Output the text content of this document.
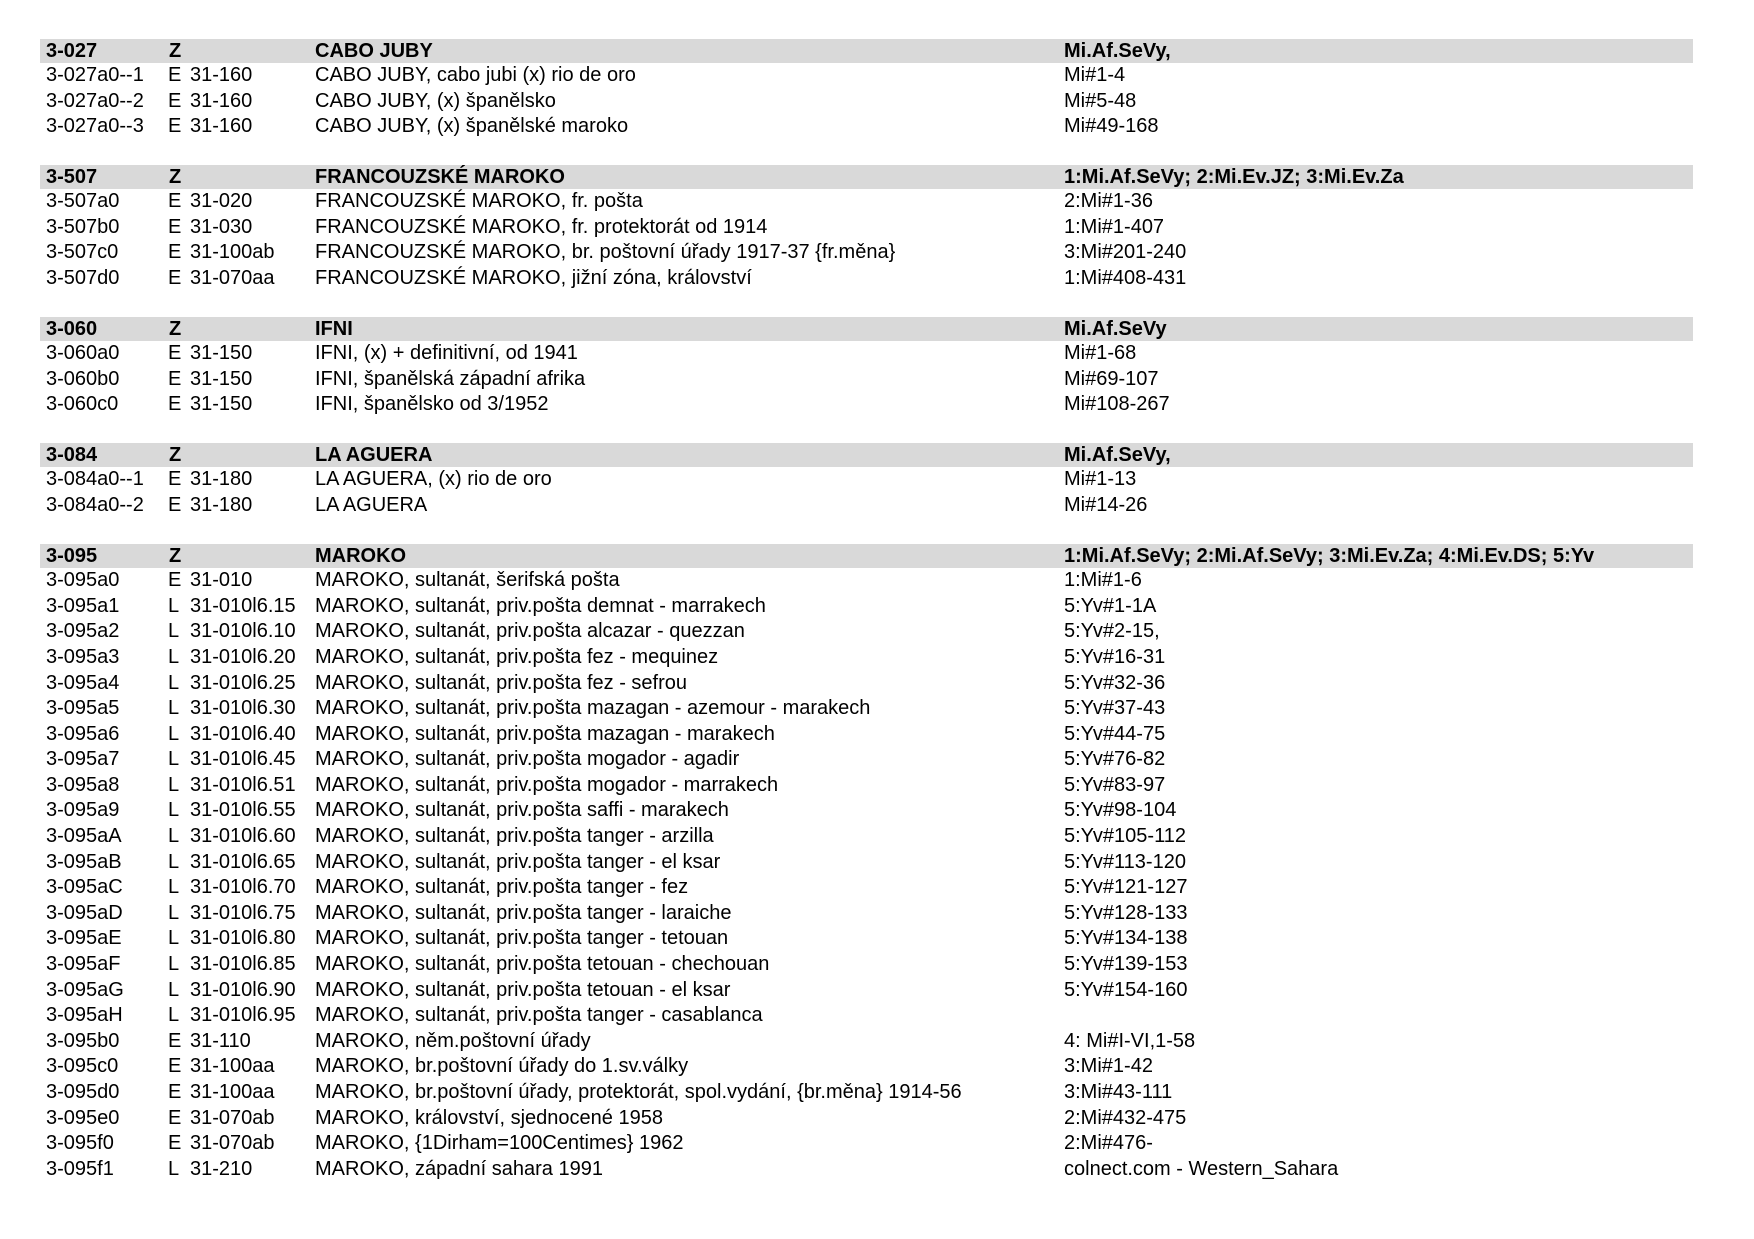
3-027	Z	CABO JUBY	Mi.Af.SeVy,
3-027a0--1 E 31-160	CABO JUBY, cabo jubi (x) rio de oro	Mi#1-4
3-027a0--2 E 31-160	CABO JUBY, (x) španělsko	Mi#5-48
3-027a0--3 E 31-160	CABO JUBY, (x) španělské maroko	Mi#49-168
3-507	Z	FRANCOUZSKÉ MAROKO	1:Mi.Af.SeVy; 2:Mi.Ev.JZ; 3:Mi.Ev.Za
3-507a0 E 31-020	FRANCOUZSKÉ MAROKO, fr. pošta	2:Mi#1-36
3-507b0 E 31-030	FRANCOUZSKÉ MAROKO, fr. protektorát od 1914	1:Mi#1-407
3-507c0 E 31-100ab FRANCOUZSKÉ MAROKO, br. poštovní úřady 1917-37 {fr.měna}	3:Mi#201-240
3-507d0 E 31-070aa FRANCOUZSKÉ MAROKO, jižní zóna, království	1:Mi#408-431
3-060	Z	IFNI	Mi.Af.SeVy
3-060a0 E 31-150	IFNI, (x) + definitivní, od 1941	Mi#1-68
3-060b0 E 31-150	IFNI, španělská západní afrika	Mi#69-107
3-060c0 E 31-150	IFNI, španělsko od 3/1952	Mi#108-267
3-084	Z	LA AGUERA	Mi.Af.SeVy,
3-084a0--1 E 31-180	LA AGUERA, (x) rio de oro	Mi#1-13
3-084a0--2 E 31-180	LA AGUERA	Mi#14-26
3-095	Z	MAROKO	1:Mi.Af.SeVy; 2:Mi.Af.SeVy; 3:Mi.Ev.Za; 4:Mi.Ev.DS; 5:Yv
3-095a0 E 31-010	MAROKO, sultanát, šerifská pošta	1:Mi#1-6
3-095a1 L 31-010l6.15 MAROKO, sultanát, priv.pošta demnat - marrakech	5:Yv#1-1A
3-095a2 L 31-010l6.10 MAROKO, sultanát, priv.pošta alcazar - quezzan	5:Yv#2-15,
3-095a3 L 31-010l6.20 MAROKO, sultanát, priv.pošta fez - mequinez	5:Yv#16-31
3-095a4 L 31-010l6.25 MAROKO, sultanát, priv.pošta fez - sefrou	5:Yv#32-36
3-095a5 L 31-010l6.30 MAROKO, sultanát, priv.pošta mazagan - azemour - marakech	5:Yv#37-43
3-095a6 L 31-010l6.40 MAROKO, sultanát, priv.pošta mazagan - marakech	5:Yv#44-75
3-095a7 L 31-010l6.45 MAROKO, sultanát, priv.pošta mogador - agadir	5:Yv#76-82
3-095a8 L 31-010l6.51 MAROKO, sultanát, priv.pošta mogador - marrakech	5:Yv#83-97
3-095a9 L 31-010l6.55 MAROKO, sultanát, priv.pošta saffi - marakech	5:Yv#98-104
3-095aA L 31-010l6.60 MAROKO, sultanát, priv.pošta tanger - arzilla	5:Yv#105-112
3-095aB L 31-010l6.65 MAROKO, sultanát, priv.pošta tanger - el ksar	5:Yv#113-120
3-095aC L 31-010l6.70 MAROKO, sultanát, priv.pošta tanger - fez	5:Yv#121-127
3-095aD L 31-010l6.75 MAROKO, sultanát, priv.pošta tanger - laraiche	5:Yv#128-133
3-095aE L 31-010l6.80 MAROKO, sultanát, priv.pošta tanger - tetouan	5:Yv#134-138
3-095aF L 31-010l6.85 MAROKO, sultanát, priv.pošta tetouan - chechouan	5:Yv#139-153
3-095aG L 31-010l6.90 MAROKO, sultanát, priv.pošta tetouan - el ksar	5:Yv#154-160
3-095aH L 31-010l6.95 MAROKO, sultanát, priv.pošta tanger - casablanca
3-095b0 E 31-110	MAROKO, něm.poštovní úřady	4: Mi#I-VI,1-58
3-095c0 E 31-100aa MAROKO, br.poštovní úřady do 1.sv.války	3:Mi#1-42
3-095d0 E 31-100aa MAROKO, br.poštovní úřady, protektorát, spol.vydání, {br.měna} 1914-56	3:Mi#43-111
3-095e0 E 31-070ab MAROKO, království, sjednocené 1958	2:Mi#432-475
3-095f0	E 31-070ab MAROKO, {1Dirham=100Centimes} 1962	2:Mi#476-
3-095f1	L 31-210	MAROKO, západní sahara 1991	colnect.com - Western_Sahara
